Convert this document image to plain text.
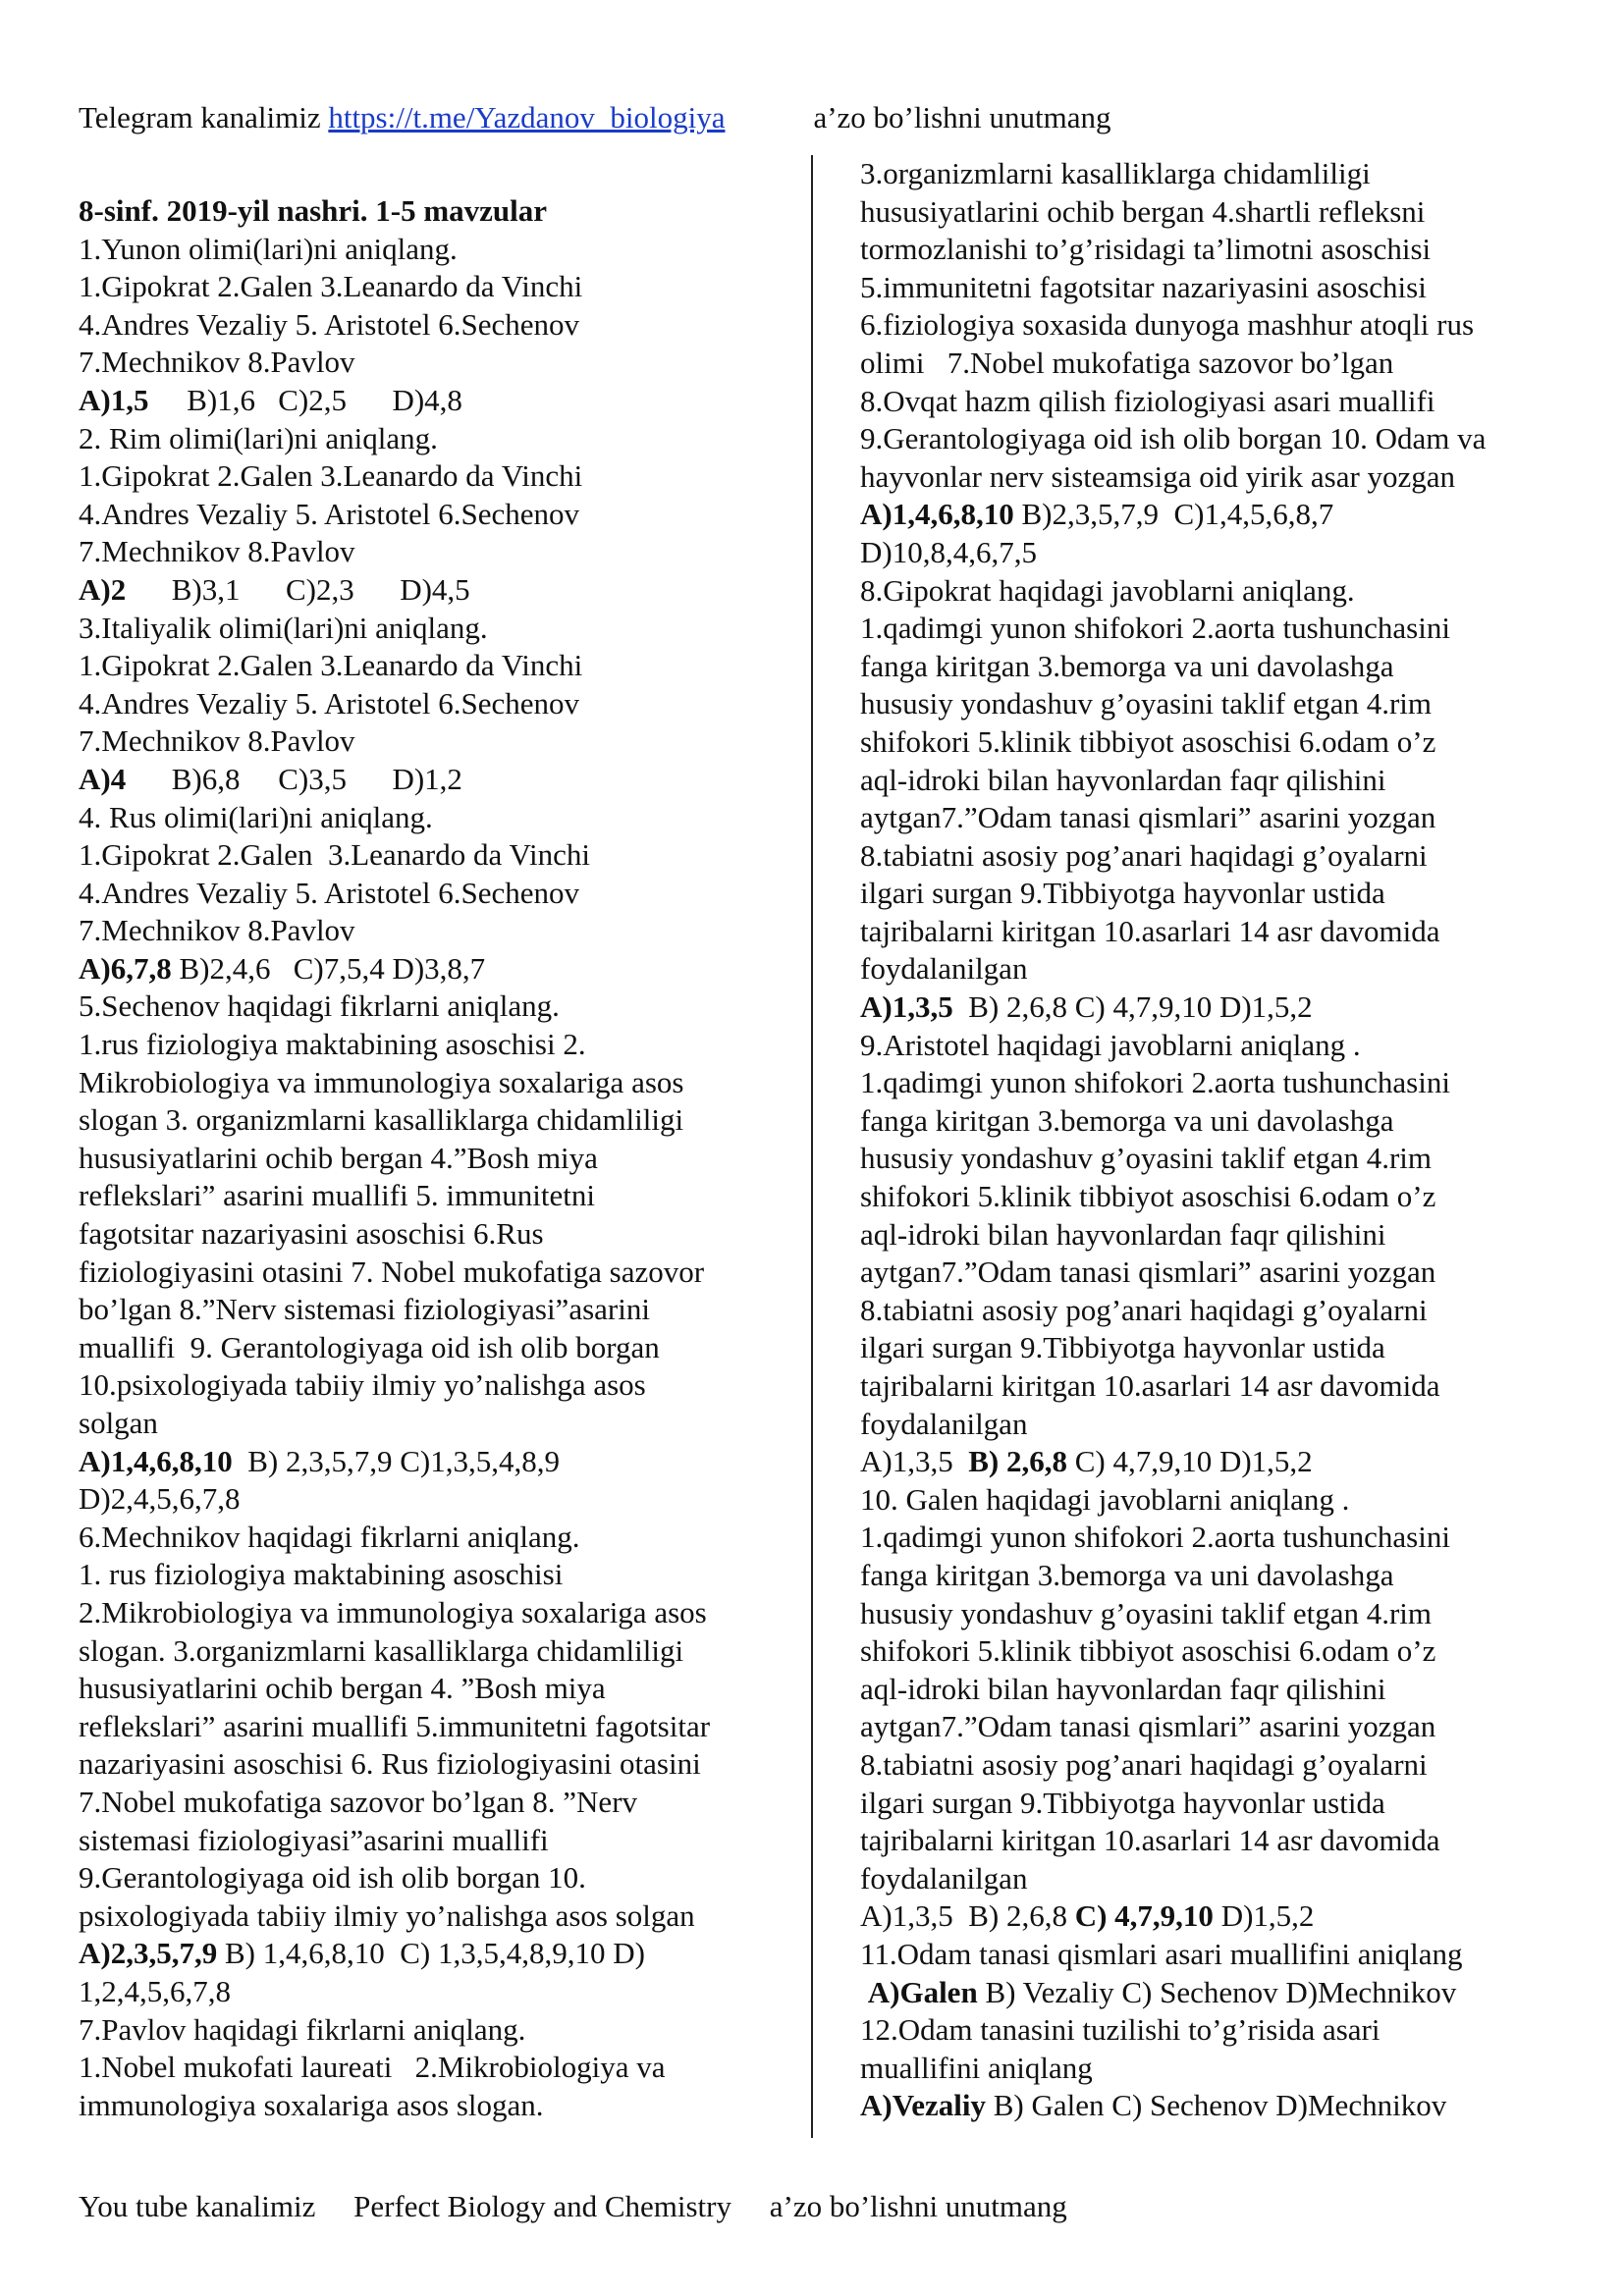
Telegram kanalimiz https://t.me/Yazdanov_biologiya	a’zo bo’lishni unutmang
8-sinf. 2019-yil nashri. 1-5 mavzular
1.Yunon olimi(lari)ni aniqlang.
1.Gipokrat 2.Galen 3.Leanardo da Vinchi
4.Andres Vezaliy 5. Aristotel 6.Sechenov
7.Mechnikov 8.Pavlov
A)1,5     B)1,6   C)2,5      D)4,8
2. Rim olimi(lari)ni aniqlang.
1.Gipokrat 2.Galen 3.Leanardo da Vinchi
4.Andres Vezaliy 5. Aristotel 6.Sechenov
7.Mechnikov 8.Pavlov
A)2      B)3,1      C)2,3      D)4,5
3.Italiyalik olimi(lari)ni aniqlang.
1.Gipokrat 2.Galen 3.Leanardo da Vinchi
4.Andres Vezaliy 5. Aristotel 6.Sechenov
7.Mechnikov 8.Pavlov
A)4      B)6,8     C)3,5      D)1,2
4. Rus olimi(lari)ni aniqlang.
1.Gipokrat 2.Galen  3.Leanardo da Vinchi
4.Andres Vezaliy 5. Aristotel 6.Sechenov
7.Mechnikov 8.Pavlov
A)6,7,8 B)2,4,6   C)7,5,4 D)3,8,7
5.Sechenov haqidagi fikrlarni aniqlang.
1.rus fiziologiya maktabining asoschisi 2.
Mikrobiologiya va immunologiya soxalariga asos
slogan 3. organizmlarni kasalliklarga chidamliligi
hususiyatlarini ochib bergan 4.”Bosh miya
reflekslari” asarini muallifi 5. immunitetni
fagotsitar nazariyasini asoschisi 6.Rus
fiziologiyasini otasini 7. Nobel mukofatiga sazovor
bo’lgan 8.”Nerv sistemasi fiziologiyasi”asarini
muallifi  9. Gerantologiyaga oid ish olib borgan
10.psixologiyada tabiiy ilmiy yo’nalishga asos
solgan
A)1,4,6,8,10  B) 2,3,5,7,9 C)1,3,5,4,8,9
D)2,4,5,6,7,8
6.Mechnikov haqidagi fikrlarni aniqlang.
1. rus fiziologiya maktabining asoschisi
2.Mikrobiologiya va immunologiya soxalariga asos
slogan. 3.organizmlarni kasalliklarga chidamliligi
hususiyatlarini ochib bergan 4. ”Bosh miya
reflekslari” asarini muallifi 5.immunitetni fagotsitar
nazariyasini asoschisi 6. Rus fiziologiyasini otasini
7.Nobel mukofatiga sazovor bo’lgan 8. ”Nerv
sistemasi fiziologiyasi”asarini muallifi
9.Gerantologiyaga oid ish olib borgan 10.
psixologiyada tabiiy ilmiy yo’nalishga asos solgan
A)2,3,5,7,9 B) 1,4,6,8,10  C) 1,3,5,4,8,9,10 D)
1,2,4,5,6,7,8
7.Pavlov haqidagi fikrlarni aniqlang.
1.Nobel mukofati laureati   2.Mikrobiologiya va
immunologiya soxalariga asos slogan.
3.organizmlarni kasalliklarga chidamliligi
hususiyatlarini ochib bergan 4.shartli refleksni
tormozlanishi to’g’risidagi ta’limotni asoschisi
5.immunitetni fagotsitar nazariyasini asoschisi
6.fiziologiya soxasida dunyoga mashhur atoqli rus
olimi   7.Nobel mukofatiga sazovor bo’lgan
8.Ovqat hazm qilish fiziologiyasi asari muallifi
9.Gerantologiyaga oid ish olib borgan 10. Odam va
hayvonlar nerv sisteamsiga oid yirik asar yozgan
A)1,4,6,8,10 B)2,3,5,7,9  C)1,4,5,6,8,7
D)10,8,4,6,7,5
8.Gipokrat haqidagi javoblarni aniqlang.
1.qadimgi yunon shifokori 2.aorta tushunchasini
fanga kiritgan 3.bemorga va uni davolashga
hususiy yondashuv g’oyasini taklif etgan 4.rim
shifokori 5.klinik tibbiyot asoschisi 6.odam o’z
aql-idroki bilan hayvonlardan faqr qilishini
aytgan7.”Odam tanasi qismlari” asarini yozgan
8.tabiatni asosiy pog’anari haqidagi g’oyalarni
ilgari surgan 9.Tibbiyotga hayvonlar ustida
tajribalarni kiritgan 10.asarlari 14 asr davomida
foydalanilgan
A)1,3,5  B) 2,6,8 C) 4,7,9,10 D)1,5,2
9.Aristotel haqidagi javoblarni aniqlang .
1.qadimgi yunon shifokori 2.aorta tushunchasini
fanga kiritgan 3.bemorga va uni davolashga
hususiy yondashuv g’oyasini taklif etgan 4.rim
shifokori 5.klinik tibbiyot asoschisi 6.odam o’z
aql-idroki bilan hayvonlardan faqr qilishini
aytgan7.”Odam tanasi qismlari” asarini yozgan
8.tabiatni asosiy pog’anari haqidagi g’oyalarni
ilgari surgan 9.Tibbiyotga hayvonlar ustida
tajribalarni kiritgan 10.asarlari 14 asr davomida
foydalanilgan
A)1,3,5  B) 2,6,8 C) 4,7,9,10 D)1,5,2
10. Galen haqidagi javoblarni aniqlang .
1.qadimgi yunon shifokori 2.aorta tushunchasini
fanga kiritgan 3.bemorga va uni davolashga
hususiy yondashuv g’oyasini taklif etgan 4.rim
shifokori 5.klinik tibbiyot asoschisi 6.odam o’z
aql-idroki bilan hayvonlardan faqr qilishini
aytgan7.”Odam tanasi qismlari” asarini yozgan
8.tabiatni asosiy pog’anari haqidagi g’oyalarni
ilgari surgan 9.Tibbiyotga hayvonlar ustida
tajribalarni kiritgan 10.asarlari 14 asr davomida
foydalanilgan
A)1,3,5  B) 2,6,8 C) 4,7,9,10 D)1,5,2
11.Odam tanasi qismlari asari muallifini aniqlang
A)Galen B) Vezaliy C) Sechenov D)Mechnikov
12.Odam tanasini tuzilishi to’g’risida asari
muallifini aniqlang
A)Vezaliy B) Galen C) Sechenov D)Mechnikov
You tube kanalimiz     Perfect Biology and Chemistry     a’zo bo’lishni unutmang
